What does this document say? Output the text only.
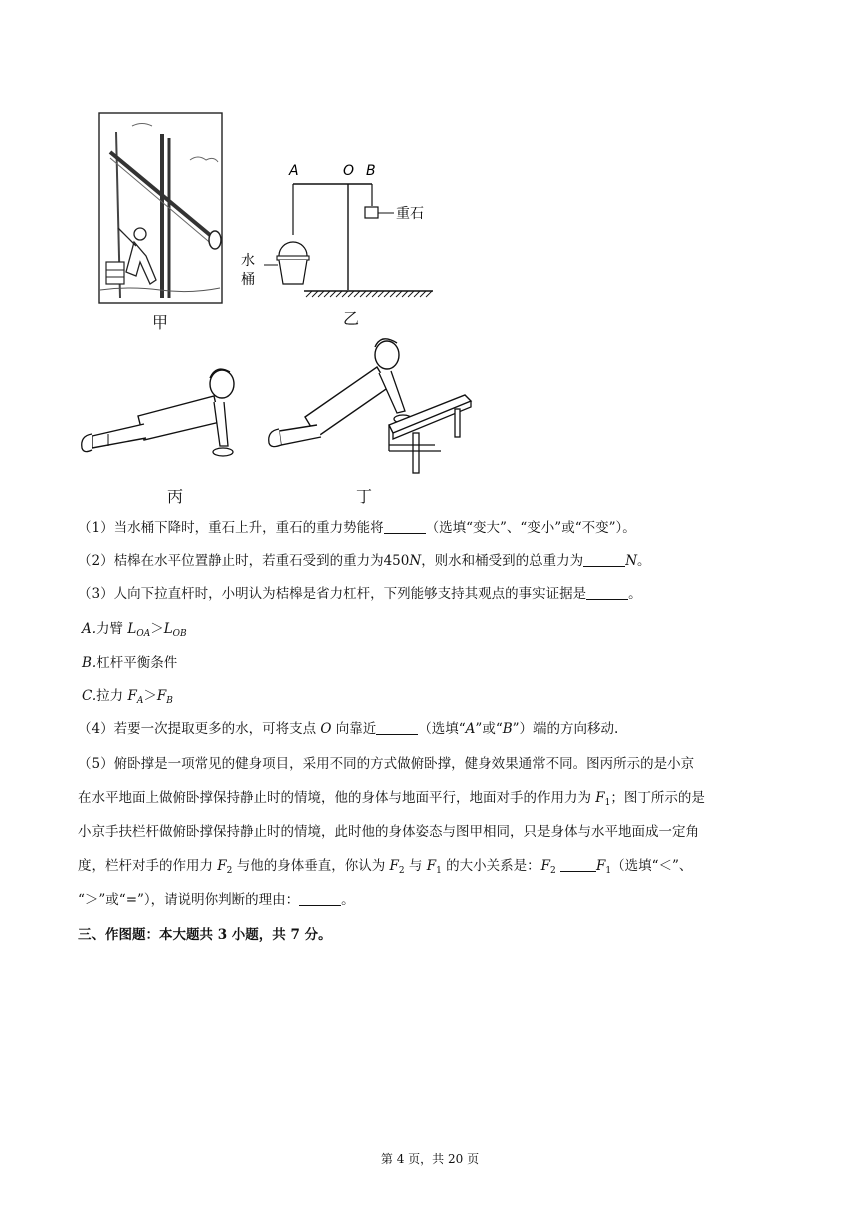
甲
A	O B
重石
水
桶
乙
丙	丁
（1）当水桶下降时，重石上升，重石的重力势能将	（选填“变大”、“变小”或“不变”）。
（2）桔槔在水平位置静止时，若重石受到的重力为450N，则水和桶受到的总重力为	N。
（3）人向下拉直杆时，小明认为桔槔是省力杠杆，下列能够支持其观点的事实证据是	。
A.力臂 $L_{OA}>L_{OB}$
B.杠杆平衡条件
C.拉力 $F_A>F_B$
（4）若要一次提取更多的水，可将支点 O 向靠近	（选填“A”或“B”）端的方向移动.
（5）俯卧撑是一项常见的健身项目，采用不同的方式做俯卧撑，健身效果通常不同。图丙所示的是小京
在水平地面上做俯卧撑保持静止时的情境，他的身体与地面平行，地面对手的作用力为 $F_1$；图丁所示的是
小京手扶栏杆做俯卧撑保持静止时的情境，此时他的身体姿态与图甲相同，只是身体与水平地面成一定角
度，栏杆对手的作用力 $F_2$ 与他的身体垂直，你认为 $F_2$ 与 $F_1$ 的大小关系是：$F_2$	$F_1$（选填“＜”、
“＞”或“=”），请说明你判断的理由：	。
三、作图题：本大题共 3 小题，共 7 分。
第 4 页，共 20 页
